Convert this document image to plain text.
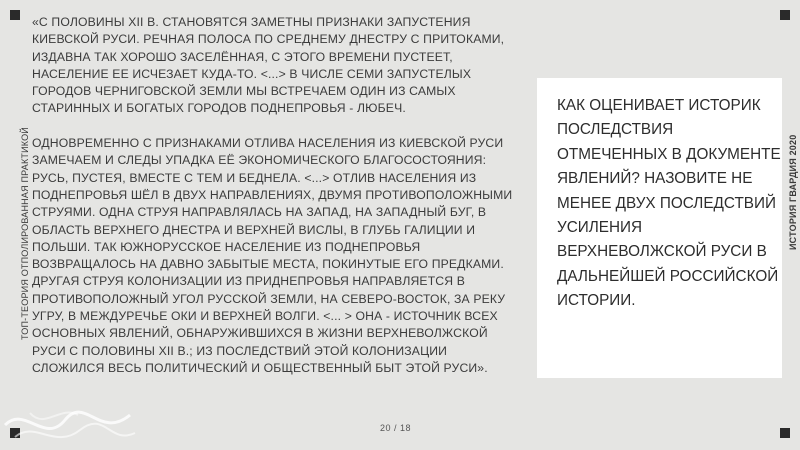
ТОП-ТЕОРИЯ ОТПОЛИРОВАННАЯ ПРАКТИКОЙ	ИСТОРИЯ ГВАРДИЯ 2020

«С ПОЛОВИНЫ XII В. СТАНОВЯТСЯ ЗАМЕТНЫ ПРИЗНАКИ ЗАПУСТЕНИЯ КИЕВСКОЙ РУСИ. РЕЧНАЯ ПОЛОСА ПО СРЕДНЕМУ ДНЕСТРУ С ПРИТОКАМИ, ИЗДАВНА ТАК ХОРОШО ЗАСЕЛЁННАЯ, С ЭТОГО ВРЕМЕНИ ПУСТЕЕТ, НАСЕЛЕНИЕ ЕЕ ИСЧЕЗАЕТ КУДА-ТО. <...> В ЧИСЛЕ СЕМИ ЗАПУСТЕЛЫХ ГОРОДОВ ЧЕРНИГОВСКОЙ ЗЕМЛИ МЫ ВСТРЕЧАЕМ ОДИН ИЗ САМЫХ СТАРИННЫХ И БОГАТЫХ ГОРОДОВ ПОДНЕПРОВЬЯ - ЛЮБЕЧ.

ОДНОВРЕМЕННО С ПРИЗНАКАМИ ОТЛИВА НАСЕЛЕНИЯ ИЗ КИЕВСКОЙ РУСИ ЗАМЕЧАЕМ И СЛЕДЫ УПАДКА ЕЁ ЭКОНОМИЧЕСКОГО БЛАГОСОСТОЯНИЯ: РУСЬ, ПУСТЕЯ, ВМЕСТЕ С ТЕМ И БЕДНЕЛА. <...> ОТЛИВ НАСЕЛЕНИЯ ИЗ ПОДНЕПРОВЬЯ ШЁЛ В ДВУХ НАПРАВЛЕНИЯХ, ДВУМЯ ПРОТИВОПОЛОЖНЫМИ СТРУЯМИ. ОДНА СТРУЯ НАПРАВЛЯЛАСЬ НА ЗАПАД, НА ЗАПАДНЫЙ БУГ, В ОБЛАСТЬ ВЕРХНЕГО ДНЕСТРА И ВЕРХНЕЙ ВИСЛЫ, В ГЛУБЬ ГАЛИЦИИ И ПОЛЬШИ. ТАК ЮЖНОРУССКОЕ НАСЕЛЕНИЕ ИЗ ПОДНЕПРОВЬЯ ВОЗВРАЩАЛОСЬ НА ДАВНО ЗАБЫТЫЕ МЕСТА, ПОКИНУТЫЕ ЕГО ПРЕДКАМИ. ДРУГАЯ СТРУЯ КОЛОНИЗАЦИИ ИЗ ПРИДНЕПРОВЬЯ НАПРАВЛЯЕТСЯ В ПРОТИВОПОЛОЖНЫЙ УГОЛ РУССКОЙ ЗЕМЛИ, НА СЕВЕРО-ВОСТОК, ЗА РЕКУ УГРУ, В МЕЖДУРЕЧЬЕ ОКИ И ВЕРХНЕЙ ВОЛГИ. <... > ОНА - ИСТОЧНИК ВСЕХ ОСНОВНЫХ ЯВЛЕНИЙ, ОБНАРУЖИВШИХСЯ В ЖИЗНИ ВЕРХНЕВОЛЖСКОЙ РУСИ С ПОЛОВИНЫ XII В.; ИЗ ПОСЛЕДСТВИЙ ЭТОЙ КОЛОНИЗАЦИИ СЛОЖИЛСЯ ВЕСЬ ПОЛИТИЧЕСКИЙ И ОБЩЕСТВЕННЫЙ БЫТ ЭТОЙ РУСИ».

КАК ОЦЕНИВАЕТ ИСТОРИК ПОСЛЕДСТВИЯ ОТМЕЧЕННЫХ В ДОКУМЕНТЕ ЯВЛЕНИЙ? НАЗОВИТЕ НЕ МЕНЕЕ ДВУХ ПОСЛЕДСТВИЙ УСИЛЕНИЯ ВЕРХНЕВОЛЖСКОЙ РУСИ В ДАЛЬНЕЙШЕЙ РОССИЙСКОЙ ИСТОРИИ.

20 / 18
